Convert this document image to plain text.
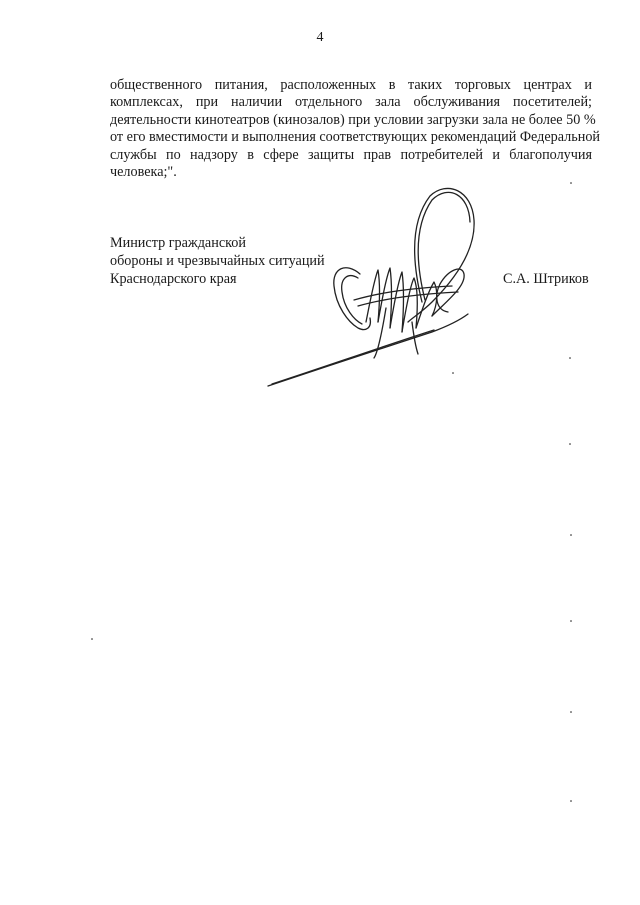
4
общественного питания, расположенных в таких торговых центрах и
комплексах, при наличии отдельного зала обслуживания посетителей;
деятельности кинотеатров (кинозалов) при условии загрузки зала не более 50 %
от его вместимости и выполнения соответствующих рекомендаций Федеральной
службы по надзору в сфере защиты прав потребителей и благополучия
человека;".
Министр гражданской
обороны и чрезвычайных ситуаций
Краснодарского края	С.А. Штриков
